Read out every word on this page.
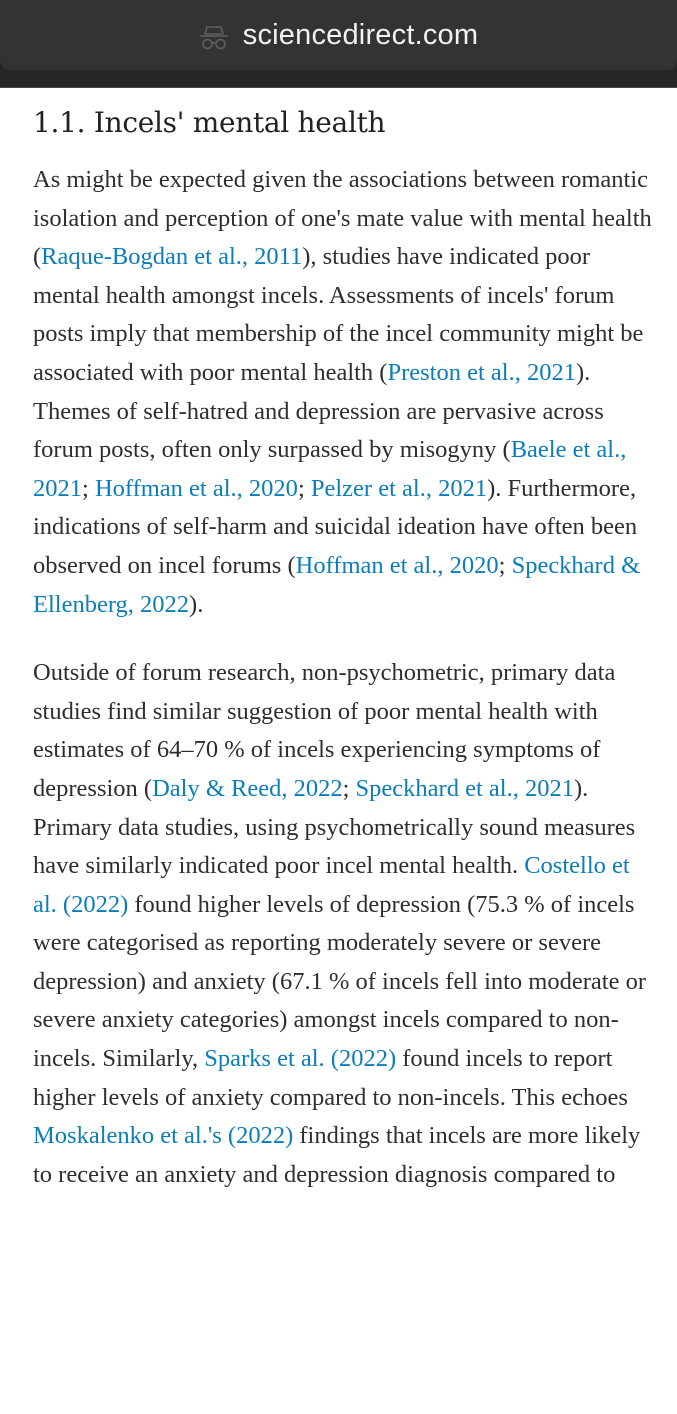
sciencedirect.com
1.1. Incels' mental health

As might be expected given the associations between romantic isolation and perception of one's mate value with mental health (Raque-Bogdan et al., 2011), studies have indicated poor mental health amongst incels. Assessments of incels' forum posts imply that membership of the incel community might be associated with poor mental health (Preston et al., 2021). Themes of self-hatred and depression are pervasive across forum posts, often only surpassed by misogyny (Baele et al., 2021; Hoffman et al., 2020; Pelzer et al., 2021). Furthermore, indications of self-harm and suicidal ideation have often been observed on incel forums (Hoffman et al., 2020; Speckhard & Ellenberg, 2022).

Outside of forum research, non-psychometric, primary data studies find similar suggestion of poor mental health with estimates of 64–70 % of incels experiencing symptoms of depression (Daly & Reed, 2022; Speckhard et al., 2021). Primary data studies, using psychometrically sound measures have similarly indicated poor incel mental health. Costello et al. (2022) found higher levels of depression (75.3 % of incels were categorised as reporting moderately severe or severe depression) and anxiety (67.1 % of incels fell into moderate or severe anxiety categories) amongst incels compared to non-incels. Similarly, Sparks et al. (2022) found incels to report higher levels of anxiety compared to non-incels. This echoes Moskalenko et al.'s (2022) findings that incels are more likely to receive an anxiety and depression diagnosis compared to
